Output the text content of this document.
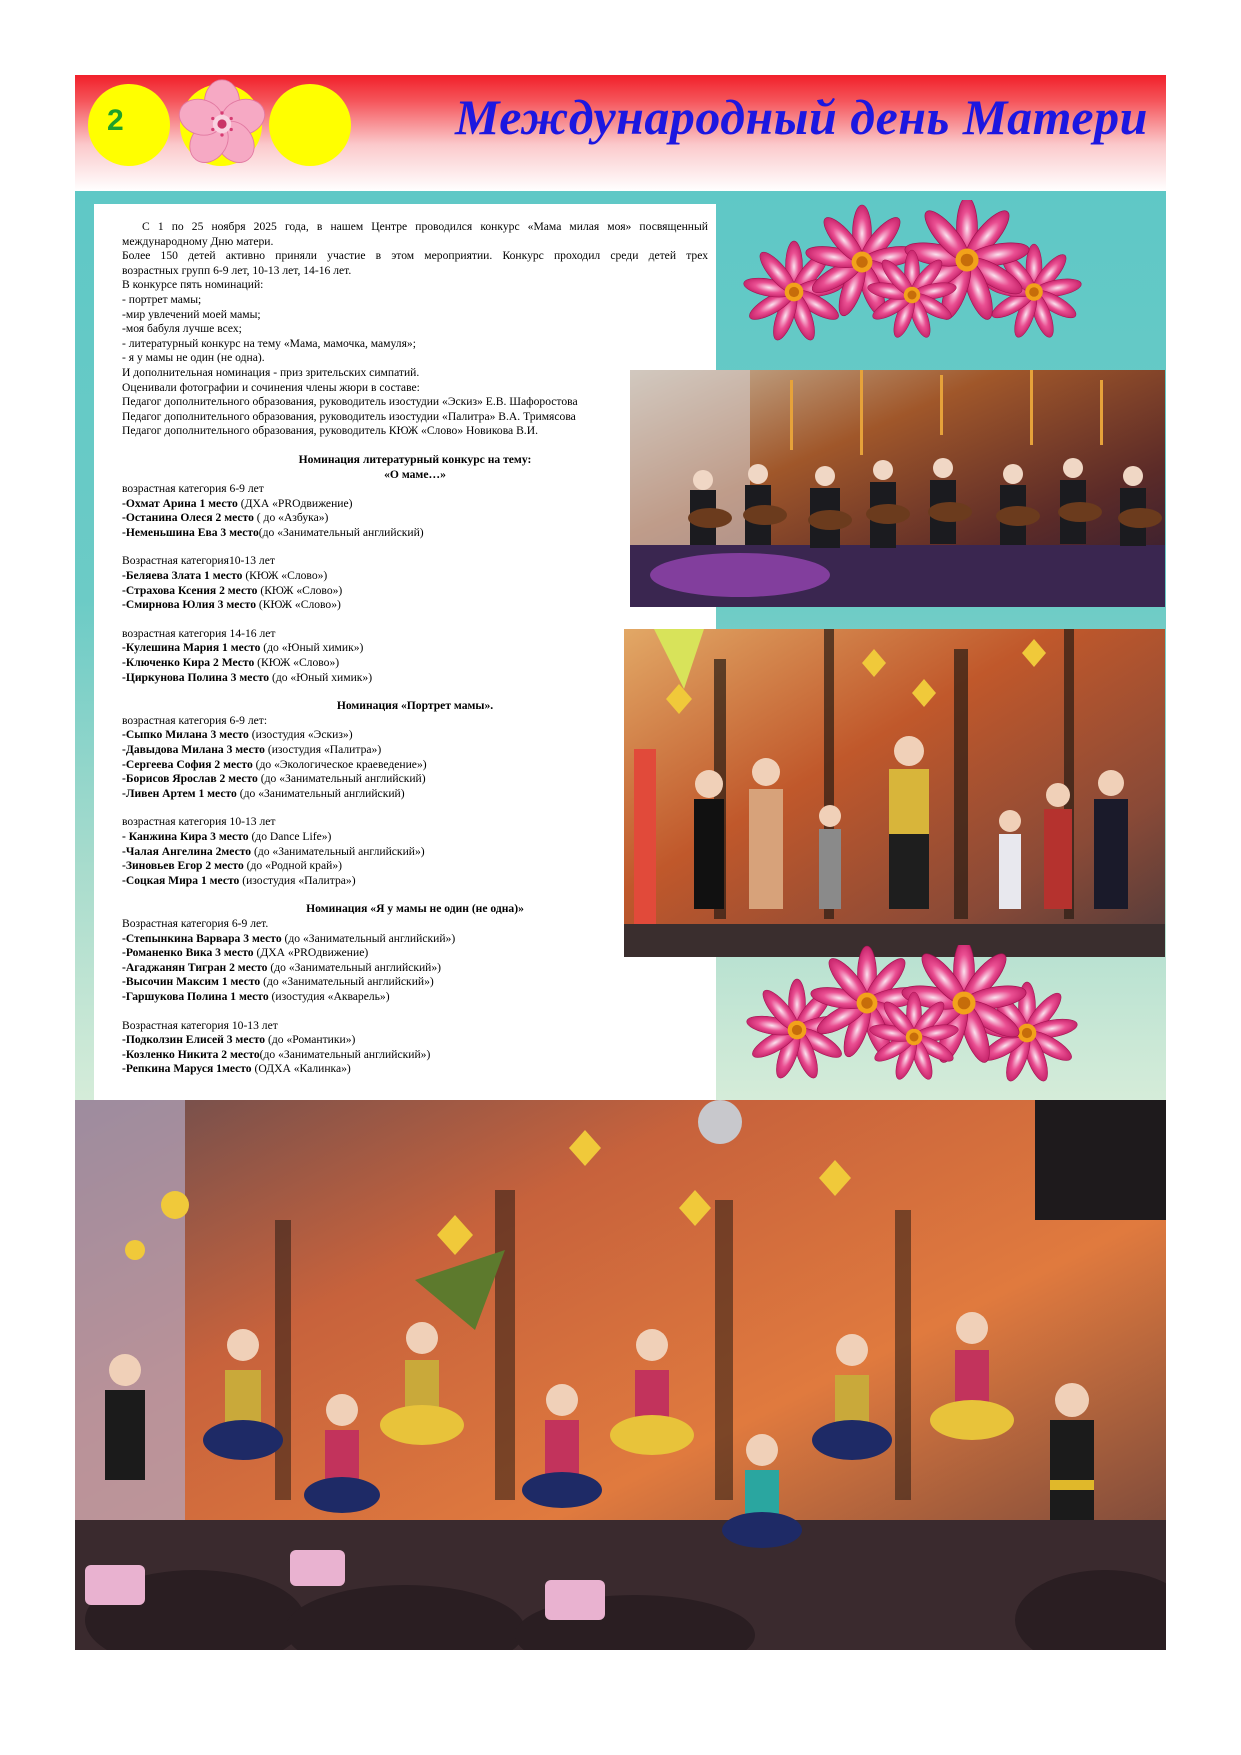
2	Международный день Матери
С 1 по 25 ноября 2025 года, в нашем Центре проводился конкурс «Мама милая моя» посвященный
международному Дню матери.
Более 150 детей активно приняли участие в этом мероприятии. Конкурс проходил среди детей трех
возрастных групп 6-9 лет, 10-13 лет, 14-16 лет.
В конкурсе пять номинаций:
- портрет мамы;
-мир увлечений моей мамы;
-моя бабуля лучше всех;
- литературный конкурс на тему «Мама, мамочка, мамуля»;
- я у мамы не один (не одна).
И дополнительная номинация - приз зрительских симпатий.
Оценивали фотографии и сочинения члены жюри в составе:
Педагог дополнительного образования, руководитель изостудии «Эскиз» Е.В. Шафоростова
Педагог дополнительного образования, руководитель изостудии «Палитра» В.А. Тримясова
Педагог дополнительного образования, руководитель КЮЖ «Слово» Новикова В.И.
Номинация литературный конкурс на тему:
«О маме…»
возрастная категория 6-9 лет
-Охмат Арина 1 место (ДХА «PROдвижение)
-Останина Олеся 2 место ( до «Азбука»)
-Неменьшина Ева 3 место(до «Занимательный английский)
Возрастная категория10-13 лет
-Беляева Злата 1 место (КЮЖ «Слово»)
-Страхова Ксения 2 место (КЮЖ «Слово»)
-Смирнова Юлия 3 место (КЮЖ «Слово»)
возрастная категория 14-16 лет
-Кулешина Мария 1 место (до «Юный химик»)
-Ключенко Кира 2 Место (КЮЖ «Слово»)
-Циркунова Полина 3 место (до «Юный химик»)
Номинация «Портрет мамы».
возрастная категория 6-9 лет:
-Сыпко Милана 3 место (изостудия «Эскиз»)
-Давыдова Милана 3 место (изостудия «Палитра»)
-Сергеева София 2 место (до «Экологическое краеведение»)
-Борисов Ярослав 2 место (до «Занимательный английский)
-Ливен Артем 1 место (до «Занимательный английский)
возрастная категория 10-13 лет
- Канжина Кира 3 место (до Dance Life»)
-Чалая Ангелина 2место (до «Занимательный английский»)
-Зиновьев Егор 2 место (до «Родной край»)
-Соцкая Мира 1 место (изостудия «Палитра»)
Номинация «Я у мамы не один (не одна)»
Возрастная категория 6-9 лет.
-Степынкина Варвара 3 место (до «Занимательный английский»)
-Романенко Вика 3 место (ДХА «PROдвижение)
-Агаджанян Тигран 2 место (до «Занимательный английский»)
-Высочин Максим 1 место (до «Занимательный английский»)
-Гаршукова Полина 1 место (изостудия «Акварель»)
Возрастная категория 10-13 лет
-Подколзин Елисей 3 место (до «Романтики»)
-Козленко Никита 2 место(до «Занимательный английский»)
-Репкина Маруся 1место (ОДХА «Калинка»)
